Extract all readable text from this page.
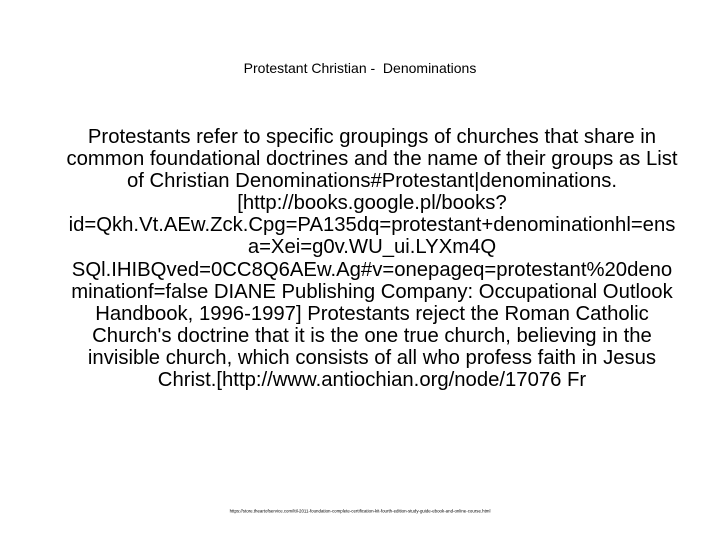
Protestant Christian -  Denominations
Protestants refer to specific groupings of churches that share in common foundational doctrines and the name of their groups as List of Christian Denominations#Protestant|denominations.[http://books.google.pl/books?id=Qkh.Vt.AEw.Zck.Cpg=PA135dq=protestant+denominationhl=ensa=Xei=g0v.WU_ui.LYXm4Q SQl.IHIBQved=0CC8Q6AEw.Ag#v=onepageq=protestant%20denominationf=false DIANE Publishing Company: Occupational Outlook Handbook, 1996-1997] Protestants reject the Roman Catholic Church's doctrine that it is the one true church, believing in the invisible church, which consists of all who profess faith in Jesus Christ.[http://www.antiochian.org/node/17076 Fr
https://store.theartofservice.com/itil-2011-foundation-complete-certification-kit-fourth-edition-study-guide-ebook-and-online-course.html
